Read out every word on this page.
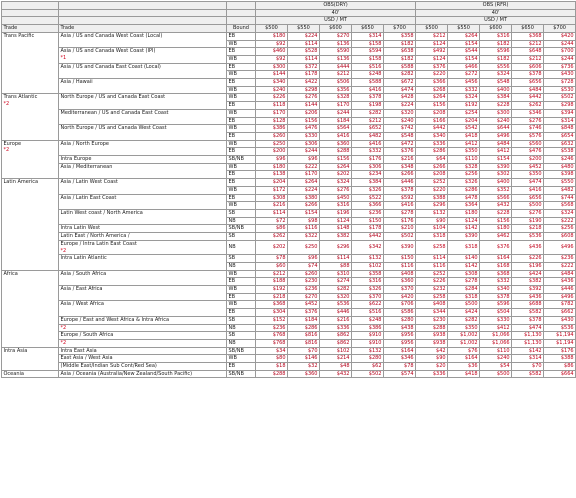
			OBS(DRY)					OBS (RFR)				
			40'					40'				
			USD / MT					USD / MT				
Trade	Trade	Bound	$500	$550	$600	$650	$700	$500	$550	$600	$650	$700

Trans Pacific	Asia / US and Canada West Coast (Local)	EB	$180	$224	$270	$314	$358	$212	$264	$316	$368	$420
		WB	$92	$114	$136	$158	$182	$124	$154	$182	$212	$244

	Asia / US and Canada West Coast (IPI)
*1	EB	$460	$528	$590	$594	$638	$492	$544	$596	$648	$700
		WB	$92	$114	$136	$158	$182	$124	$154	$182	$212	$244

	Asia / US and Canada East Coast (Local)	EB	$300	$372	$444	$516	$588	$376	$466	$556	$606	$736
		WB	$144	$178	$212	$248	$282	$220	$272	$324	$378	$430

	Asia / Hawaii	EB	$340	$422	$506	$588	$672	$366	$456	$548	$656	$728
		WB	$240	$298	$356	$416	$474	$268	$332	$400	$484	$530

Trans Atlantic
*2	North Europe / US and Canada East Coast	WB	$226	$276	$328	$378	$428	$264	$324	$384	$442	$502
		EB	$118	$144	$170	$198	$224	$156	$192	$228	$262	$298

	Mediterranean / US and Canada East Coast	WB	$170	$206	$244	$282	$320	$208	$254	$300	$346	$394
		EB	$128	$156	$184	$212	$240	$166	$204	$240	$276	$314

	North Europe / US and Canada West Coast	WB	$386	$476	$564	$652	$742	$442	$542	$644	$746	$848
		EB	$260	$330	$416	$482	$548	$340	$418	$496	$576	$654

Europe
*2	Asia / North Europe	WB	$250	$306	$360	$416	$472	$336	$412	$484	$560	$632
		EB	$200	$244	$288	$332	$376	$286	$350	$412	$476	$538

	Intra Europe	SB/NB	$96	$96	$156	$176	$216	$64	$110	$154	$200	$246

	Asia / Mediterranean	WB	$180	$222	$264	$306	$348	$266	$328	$390	$452	$480
		EB	$138	$170	$202	$234	$266	$208	$256	$302	$350	$398

Latin America	Asia / Latin West Coast	EB	$204	$264	$324	$384	$446	$252	$326	$400	$474	$550
		WB	$172	$224	$276	$326	$378	$220	$286	$352	$416	$482

	Asia / Latin East Coast	EB	$308	$380	$450	$522	$592	$388	$478	$566	$656	$744
		WB	$216	$266	$316	$366	$416	$296	$364	$432	$500	$568

	Latin West coast / North America	SB	$114	$154	$196	$236	$278	$132	$180	$228	$276	$324
		NB	$72	$98	$124	$150	$176	$90	$124	$156	$190	$222

	Intra Latin West	SB/NB	$86	$116	$148	$178	$210	$104	$142	$180	$218	$256

	Latin East / North America /	SB	$262	$322	$382	$442	$502	$318	$390	$462	$536	$608

	Europe / Intra Latin East Coast
*2	NB	$202	$250	$296	$342	$390	$258	$318	$376	$436	$496

	Intra Latin Atlantic	SB	$78	$96	$114	$132	$150	$114	$140	$164	$226	$236
		NB	$60	$74	$88	$102	$116	$116	$142	$168	$196	$222

Africa	Asia / South Africa	WB	$212	$260	$310	$358	$408	$252	$308	$368	$424	$484
		EB	$188	$230	$274	$316	$360	$226	$278	$332	$382	$436

	Asia / East Africa	WB	$192	$236	$282	$326	$370	$232	$284	$340	$392	$446
		EB	$218	$270	$320	$370	$420	$258	$318	$378	$436	$496

	Asia / West Africa	WB	$368	$452	$536	$622	$706	$408	$500	$596	$688	$782
		EB	$304	$376	$446	$516	$586	$344	$424	$504	$582	$662

	Europe / East and West Africa & Intra Africa	SB	$152	$184	$216	$248	$280	$230	$282	$330	$378	$430

	*2	NB	$236	$286	$336	$386	$438	$288	$350	$412	$474	$536

	Europe / South Africa	SB	$768	$816	$862	$910	$956	$938	$1,002	$1,066	$1,130	$1,194

	*2	NB	$768	$816	$862	$910	$956	$938	$1,002	$1,066	$1,130	$1,194

Intra Asia	Intra East Asia	SB/NB	$34	$70	$102	$132	$164	$42	$76	$110	$142	$176

	East Asia / West Asia	WB	$80	$146	$214	$280	$346	$90	$164	$240	$314	$388

	(Middle East/Indian Sub Cont/Red Sea)	EB	$18	$32	$48	$62	$78	$20	$36	$54	$70	$86

Oceania	Asia / Oceania (Australia/New Zealand/South Pacific)	SB/NB	$288	$360	$432	$502	$574	$336	$418	$500	$582	$664
